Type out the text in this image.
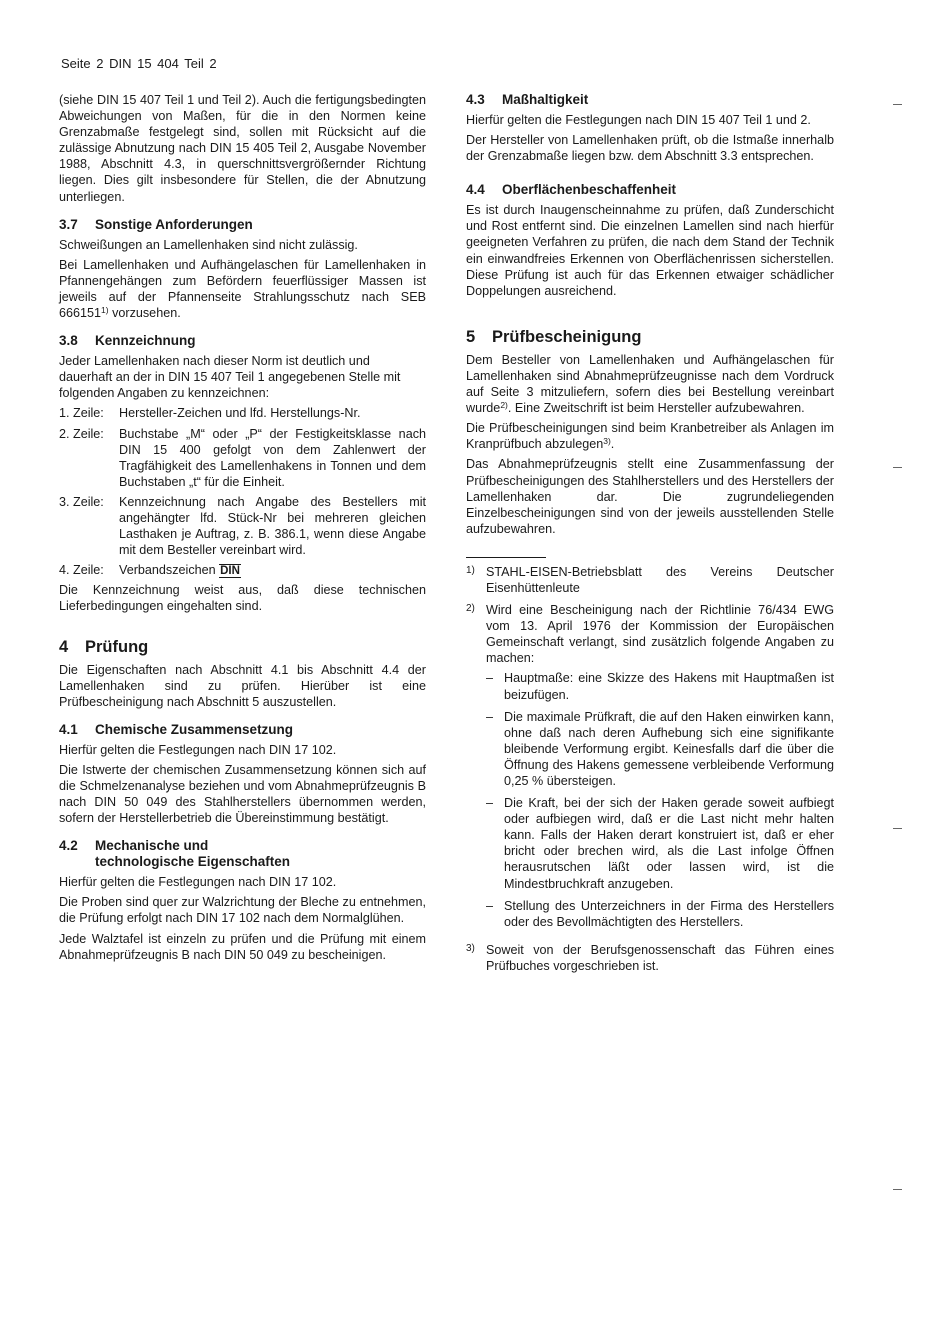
Seite 2 DIN 15 404 Teil 2

(siehe DIN 15 407 Teil 1 und Teil 2). Auch die fertigungsbedingten Abweichungen von Maßen, für die in den Normen keine Grenzabmaße festgelegt sind, sollen mit Rücksicht auf die zulässige Abnutzung nach DIN 15 405 Teil 2, Ausgabe November 1988, Abschnitt 4.3, in querschnittsvergrößernder Richtung liegen. Dies gilt insbesondere für Stellen, die der Abnutzung unterliegen.

3.7	Sonstige Anforderungen

Schweißungen an Lamellenhaken sind nicht zulässig.

Bei Lamellenhaken und Aufhängelaschen für Lamellenhaken in Pfannengehängen zum Befördern feuerflüssiger Massen ist jeweils auf der Pfannenseite Strahlungsschutz nach SEB 666151$^{1)}$ vorzusehen.

3.8	Kennzeichnung
Jeder Lamellenhaken nach dieser Norm ist deutlich und
dauerhaft an der in DIN 15 407 Teil 1 angegebenen Stelle mit
folgenden Angaben zu kennzeichnen:
1. Zeile:	Hersteller-Zeichen und lfd. Herstellungs-Nr.
2. Zeile:	Buchstabe „M“ oder „P“ der Festigkeitsklasse nach DIN 15 400 gefolgt von dem Zahlenwert der Tragfähigkeit des Lamellenhakens in Tonnen und dem Buchstaben „t“ für die Einheit.
3. Zeile:	Kennzeichnung nach Angabe des Bestellers mit angehängter lfd. Stück-Nr bei mehreren gleichen Lasthaken je Auftrag, z. B. 386.1, wenn diese Angabe mit dem Besteller vereinbart wird.
4. Zeile:	Verbandszeichen DIN

Die Kennzeichnung weist aus, daß diese technischen Lieferbedingungen eingehalten sind.

4	Prüfung

Die Eigenschaften nach Abschnitt 4.1 bis Abschnitt 4.4 der Lamellenhaken sind zu prüfen. Hierüber ist eine Prüfbescheinigung nach Abschnitt 5 auszustellen.

4.1	Chemische Zusammensetzung

Hierfür gelten die Festlegungen nach DIN 17 102.

Die Istwerte der chemischen Zusammensetzung können sich auf die Schmelzenanalyse beziehen und vom Abnahmeprüfzeugnis B nach DIN 50 049 des Stahlherstellers übernommen werden, sofern der Herstellerbetrieb die Übereinstimmung bestätigt.

4.2	Mechanische und
technologische Eigenschaften

Hierfür gelten die Festlegungen nach DIN 17 102.

Die Proben sind quer zur Walzrichtung der Bleche zu entnehmen, die Prüfung erfolgt nach DIN 17 102 nach dem Normalglühen.

Jede Walztafel ist einzeln zu prüfen und die Prüfung mit einem Abnahmeprüfzeugnis B nach DIN 50 049 zu bescheinigen.

4.3	Maßhaltigkeit

Hierfür gelten die Festlegungen nach DIN 15 407 Teil 1 und 2.

Der Hersteller von Lamellenhaken prüft, ob die Istmaße innerhalb der Grenzabmaße liegen bzw. dem Abschnitt 3.3 entsprechen.

4.4	Oberflächenbeschaffenheit

Es ist durch Inaugenscheinnahme zu prüfen, daß Zunderschicht und Rost entfernt sind. Die einzelnen Lamellen sind nach hierfür geeigneten Verfahren zu prüfen, die nach dem Stand der Technik ein einwandfreies Erkennen von Oberflächenrissen sicherstellen. Diese Prüfung ist auch für das Erkennen etwaiger schädlicher Doppelungen ausreichend.

5	Prüfbescheinigung

Dem Besteller von Lamellenhaken und Aufhängelaschen für Lamellenhaken sind Abnahmeprüfzeugnisse nach dem Vordruck auf Seite 3 mitzuliefern, sofern dies bei Bestellung vereinbart wurde$^{2)}$. Eine Zweitschrift ist beim Hersteller aufzubewahren.

Die Prüfbescheinigungen sind beim Kranbetreiber als Anlagen im Kranprüfbuch abzulegen$^{3)}$.

Das Abnahmeprüfzeugnis stellt eine Zusammenfassung der Prüfbescheinigungen des Stahlherstellers und des Herstellers der Lamellenhaken dar. Die zugrundeliegenden Einzelbescheinigungen sind von der jeweils ausstellenden Stelle aufzubewahren.

1) STAHL-EISEN-Betriebsblatt des Vereins Deutscher Eisenhüttenleute
2) Wird eine Bescheinigung nach der Richtlinie 76/434 EWG vom 13. April 1976 der Kommission der Europäischen Gemeinschaft verlangt, sind zusätzlich folgende Angaben zu machen:

– Hauptmaße: eine Skizze des Hakens mit Hauptmaßen ist beizufügen.
– Die maximale Prüfkraft, die auf den Haken einwirken kann, ohne daß nach deren Aufhebung sich eine signifikante bleibende Verformung ergibt. Keinesfalls darf die über die Öffnung des Hakens gemessene verbleibende Verformung 0,25 % übersteigen.
– Die Kraft, bei der sich der Haken gerade soweit aufbiegt oder aufbiegen wird, daß er die Last nicht mehr halten kann. Falls der Haken derart konstruiert ist, daß er eher bricht oder brechen wird, als die Last infolge Öffnen herausrutschen läßt oder lassen wird, ist die Mindestbruchkraft anzugeben.
– Stellung des Unterzeichners in der Firma des Herstellers oder des Bevollmächtigten des Herstellers.
3) Soweit von der Berufsgenossenschaft das Führen eines Prüfbuches vorgeschrieben ist.
